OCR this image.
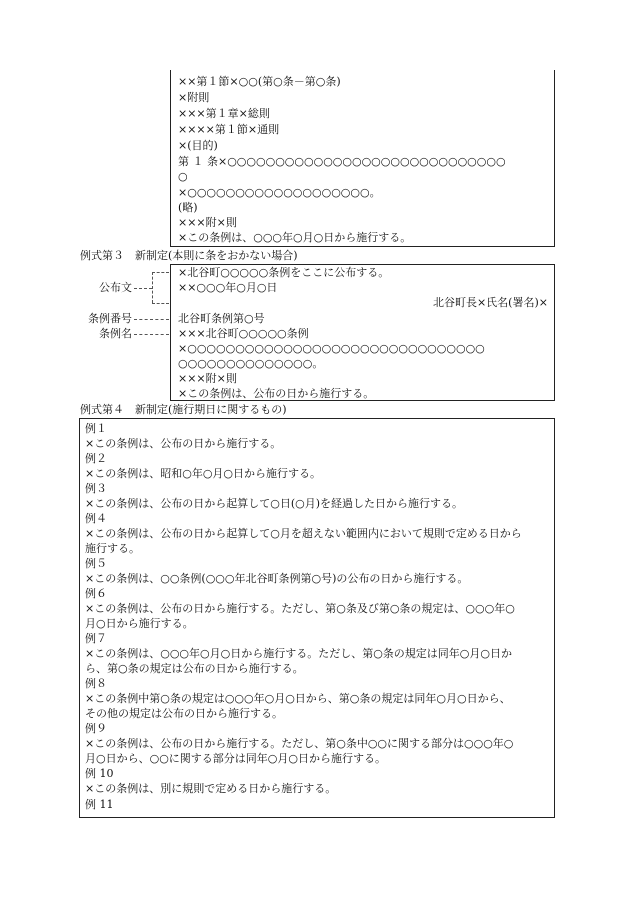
××第１節×○○(第○条－第○条)
×附則
×××第１章×総則
××××第１節×通則
×(目的)
第 １ 条×○○○○○○○○○○○○○○○○○○○○○○○○○○○○○
○
×○○○○○○○○○○○○○○○○○○○。
(略)
×××附×則
×この条例は、○○○年○月○日から施行する。
例式第３　新制定(本則に条をおかない場合)
公布文
条例番号
条例名
×北谷町○○○○○条例をここに公布する。
××○○○年○月○日
北谷町長×氏名(署名)×
北谷町条例第○号
×××北谷町○○○○○条例
×○○○○○○○○○○○○○○○○○○○○○○○○○○○○○○○
○○○○○○○○○○○○○○。
×××附×則
×この条例は、公布の日から施行する。
例式第４　新制定(施行期日に関するもの)
例１
×この条例は、公布の日から施行する。
例２
×この条例は、昭和○年○月○日から施行する。
例３
×この条例は、公布の日から起算して○日(○月)を経過した日から施行する。
例４
×この条例は、公布の日から起算して○月を超えない範囲内において規則で定める日から
施行する。
例５
×この条例は、○○条例(○○○年北谷町条例第○号)の公布の日から施行する。
例６
×この条例は、公布の日から施行する。ただし、第○条及び第○条の規定は、○○○年○
月○日から施行する。
例７
×この条例は、○○○年○月○日から施行する。ただし、第○条の規定は同年○月○日か
ら、第○条の規定は公布の日から施行する。
例８
×この条例中第○条の規定は○○○年○月○日から、第○条の規定は同年○月○日から、
その他の規定は公布の日から施行する。
例９
×この条例は、公布の日から施行する。ただし、第○条中○○に関する部分は○○○年○
月○日から、○○に関する部分は同年○月○日から施行する。
例 10
×この条例は、別に規則で定める日から施行する。
例 11
